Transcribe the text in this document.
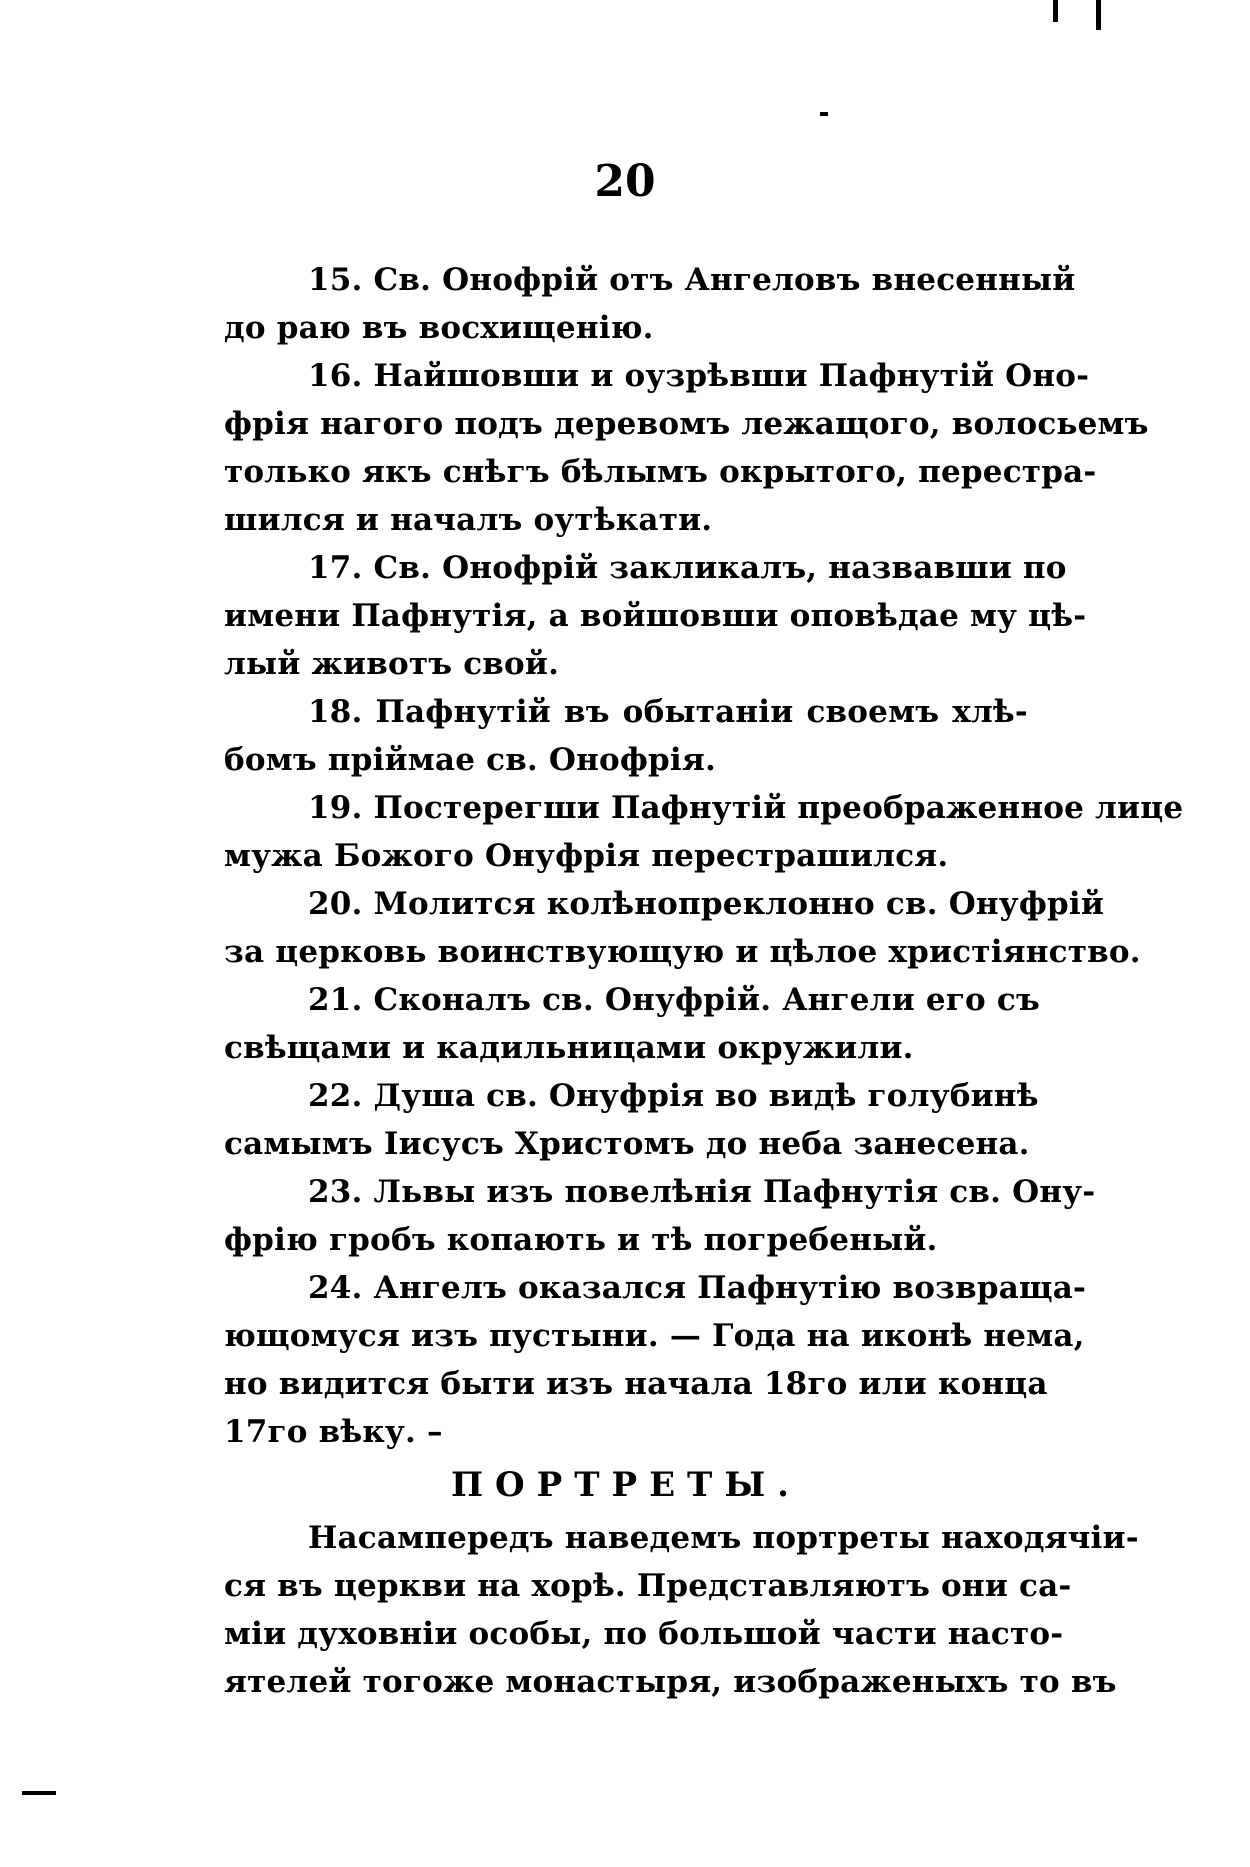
20
15. Св. Онофрій отъ Ангеловъ внесенный
до раю въ восхищенію.
16. Найшовши и оузрѣвши Пафнутій Оно-
фрія нагого подъ деревомъ лежащого, волосьемъ
только якъ снѣгъ бѣлымъ окрытого, перестра-
шился и началъ оутѣкати.
17. Св. Онофрій закликалъ, назвавши по
имени Пафнутія, а войшовши оповѣдае му цѣ-
лый животъ свой.
18. Пафнутій въ обытаніи своемъ хлѣ-
бомъ пріймае св. Онофрія.
19. Постерегши Пафнутій преображенное лице
мужа Божого Онуфрія перестрашился.
20. Молится колѣнопреклонно св. Онуфрій
за церковь воинствующую и цѣлое христіянство.
21. Сконалъ св. Онуфрій. Ангели его съ
свѣщами и кадильницами окружили.
22. Душа св. Онуфрія во видѣ голубинѣ
самымъ Іисусъ Христомъ до неба занесена.
23. Львы изъ повелѣнія Пафнутія св. Ону-
фрію гробъ копають и тѣ погребеный.
24. Ангелъ оказался Пафнутію возвраща-
ющомуся изъ пустыни. — Года на иконѣ нема,
но видится быти изъ начала 18го или конца
17го вѣку. –
ПОРТРЕТЫ.
Насампередъ наведемъ портреты находячіи-
ся въ церкви на хорѣ. Представляютъ они са-
міи духовніи особы, по большой части насто-
ятелей тогоже монастыря, изображеныхъ то въ
